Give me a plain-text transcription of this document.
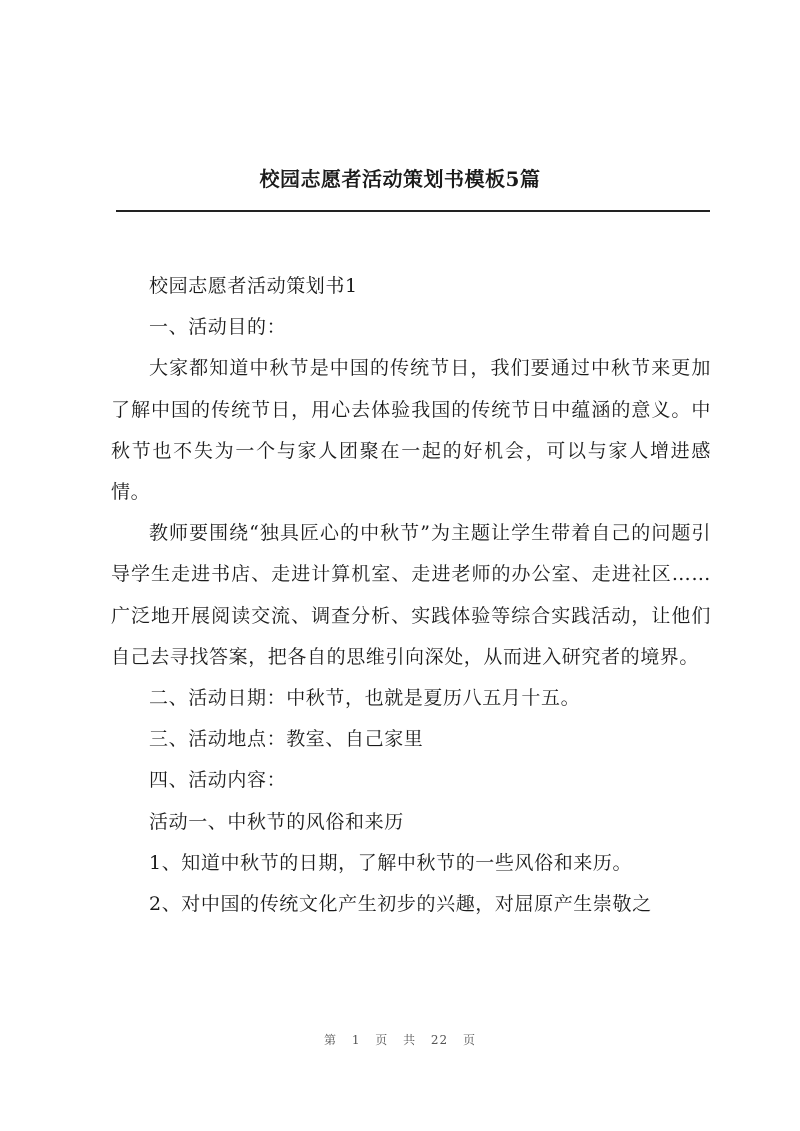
校园志愿者活动策划书模板5篇

校园志愿者活动策划书1

一、活动目的：

大家都知道中秋节是中国的传统节日，我们要通过中秋节来更加了解中国的传统节日，用心去体验我国的传统节日中蕴涵的意义。中秋节也不失为一个与家人团聚在一起的好机会，可以与家人增进感情。

教师要围绕“独具匠心的中秋节”为主题让学生带着自己的问题引导学生走进书店、走进计算机室、走进老师的办公室、走进社区……广泛地开展阅读交流、调查分析、实践体验等综合实践活动，让他们自己去寻找答案，把各自的思维引向深处，从而进入研究者的境界。

二、活动日期：中秋节，也就是夏历八五月十五。

三、活动地点：教室、自己家里

四、活动内容：

活动一、中秋节的风俗和来历

1、知道中秋节的日期，了解中秋节的一些风俗和来历。

2、对中国的传统文化产生初步的兴趣，对屈原产生崇敬之

第 1 页 共 22 页
